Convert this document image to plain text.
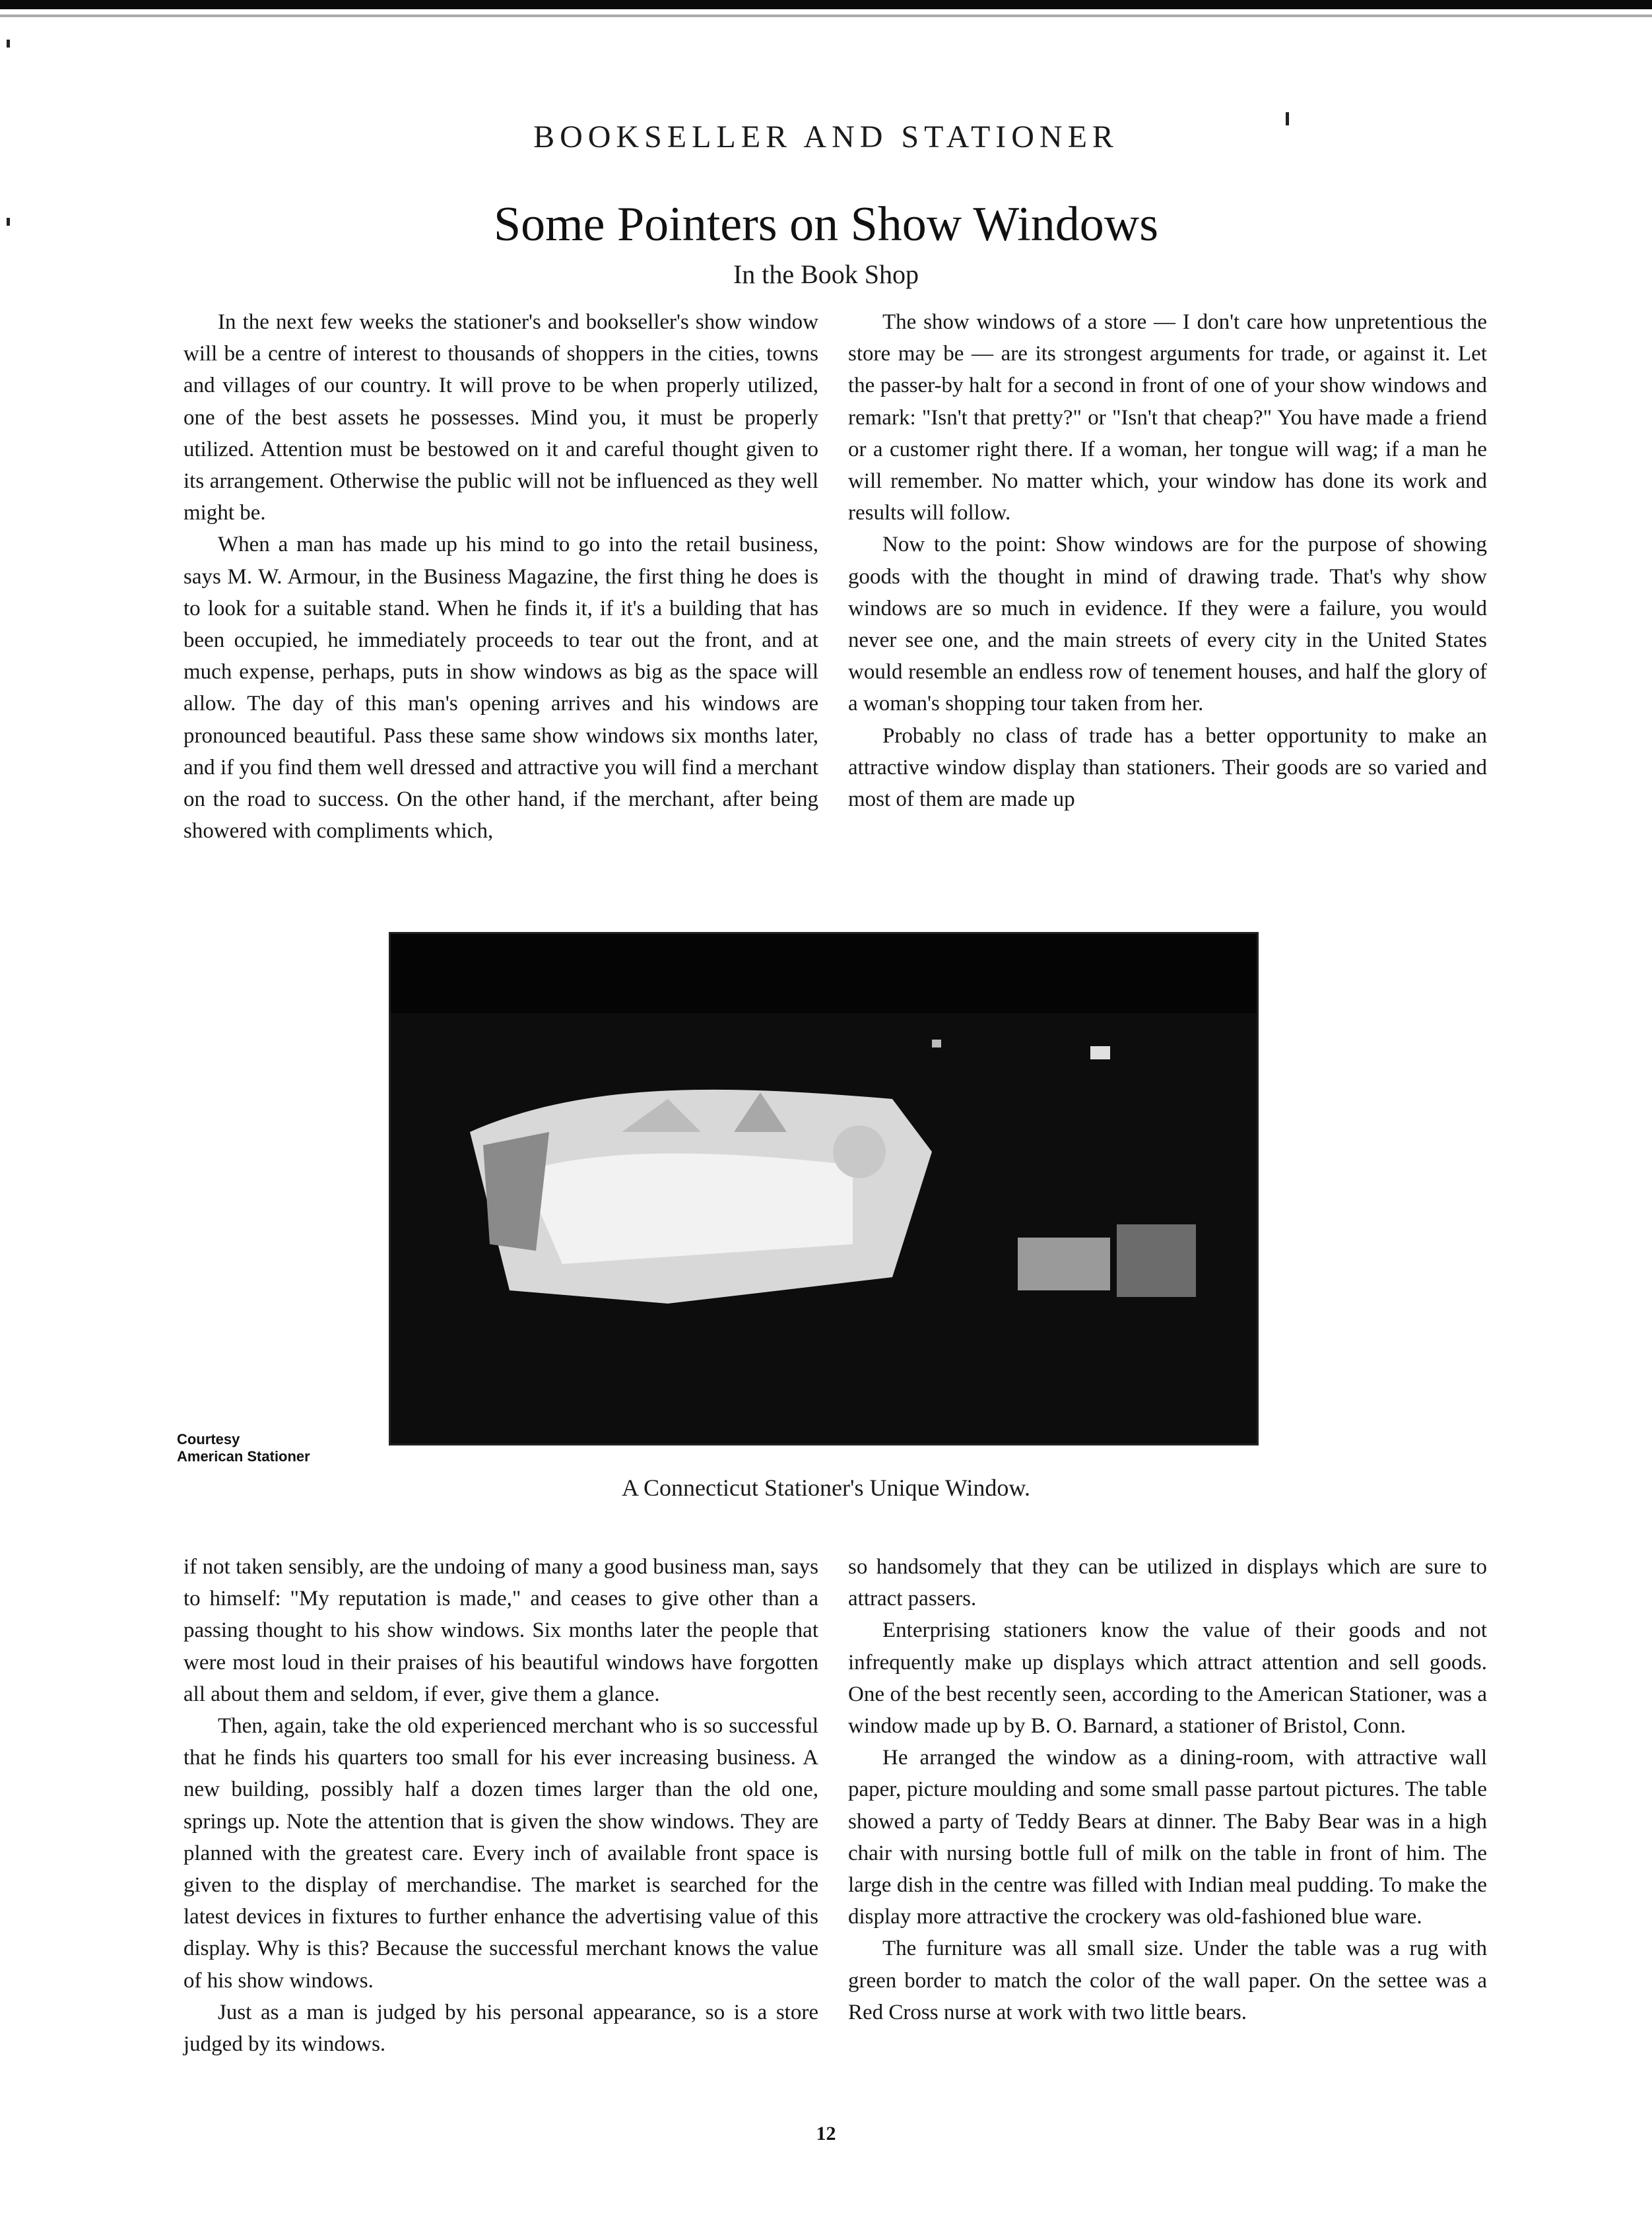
BOOKSELLER AND STATIONER
Some Pointers on Show Windows
In the Book Shop

In the next few weeks the stationer's and bookseller's show window will be a centre of interest to thousands of shoppers in the cities, towns and villages of our country. It will prove to be when properly utilized, one of the best assets he possesses. Mind you, it must be properly utilized. Attention must be bestowed on it and careful thought given to its arrangement. Otherwise the public will not be influenced as they well might be.

When a man has made up his mind to go into the retail business, says M. W. Armour, in the Business Magazine, the first thing he does is to look for a suitable stand. When he finds it, if it's a building that has been occupied, he immediately proceeds to tear out the front, and at much expense, perhaps, puts in show windows as big as the space will allow. The day of this man's opening arrives and his windows are pronounced beautiful. Pass these same show windows six months later, and if you find them well dressed and attractive you will find a merchant on the road to success. On the other hand, if the merchant, after being showered with compliments which,

The show windows of a store — I don't care how unpretentious the store may be — are its strongest arguments for trade, or against it. Let the passer-by halt for a second in front of one of your show windows and remark: "Isn't that pretty?" or "Isn't that cheap?" You have made a friend or a customer right there. If a woman, her tongue will wag; if a man he will remember. No matter which, your window has done its work and results will follow.

Now to the point: Show windows are for the purpose of showing goods with the thought in mind of drawing trade. That's why show windows are so much in evidence. If they were a failure, you would never see one, and the main streets of every city in the United States would resemble an endless row of tenement houses, and half the glory of a woman's shopping tour taken from her.

Probably no class of trade has a better opportunity to make an attractive window display than stationers. Their goods are so varied and most of them are made up

Courtesy
American Stationer
A Connecticut Stationer's Unique Window.

if not taken sensibly, are the undoing of many a good business man, says to himself: "My reputation is made," and ceases to give other than a passing thought to his show windows. Six months later the people that were most loud in their praises of his beautiful windows have forgotten all about them and seldom, if ever, give them a glance.

Then, again, take the old experienced merchant who is so successful that he finds his quarters too small for his ever increasing business. A new building, possibly half a dozen times larger than the old one, springs up. Note the attention that is given the show windows. They are planned with the greatest care. Every inch of available front space is given to the display of merchandise. The market is searched for the latest devices in fixtures to further enhance the advertising value of this display. Why is this? Because the successful merchant knows the value of his show windows.

Just as a man is judged by his personal appearance, so is a store judged by its windows.

so handsomely that they can be utilized in displays which are sure to attract passers.

Enterprising stationers know the value of their goods and not infrequently make up displays which attract attention and sell goods. One of the best recently seen, according to the American Stationer, was a window made up by B. O. Barnard, a stationer of Bristol, Conn.

He arranged the window as a dining-room, with attractive wall paper, picture moulding and some small passe partout pictures. The table showed a party of Teddy Bears at dinner. The Baby Bear was in a high chair with nursing bottle full of milk on the table in front of him. The large dish in the centre was filled with Indian meal pudding. To make the display more attractive the crockery was old-fashioned blue ware.

The furniture was all small size. Under the table was a rug with green border to match the color of the wall paper. On the settee was a Red Cross nurse at work with two little bears.

12
